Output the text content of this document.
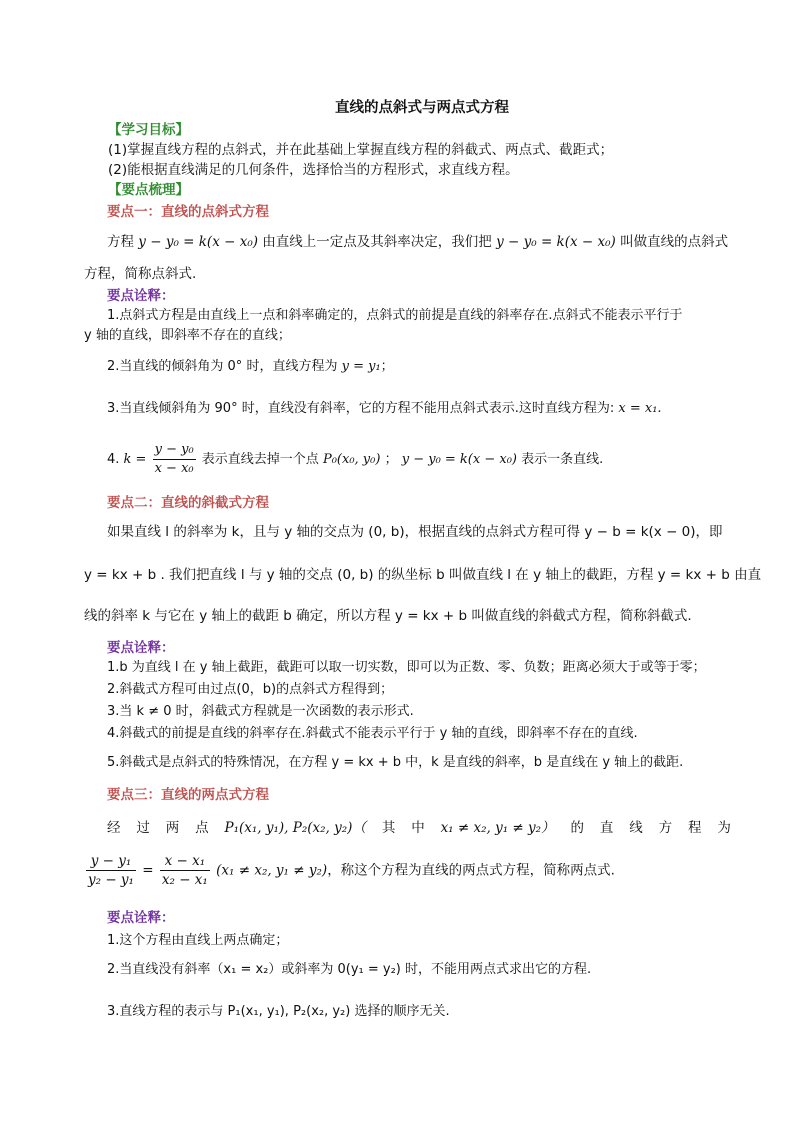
直线的点斜式与两点式方程
【学习目标】
(1)掌握直线方程的点斜式，并在此基础上掌握直线方程的斜截式、两点式、截距式；
(2)能根据直线满足的几何条件，选择恰当的方程形式，求直线方程。
【要点梳理】
要点一：直线的点斜式方程
方程 y − y₀ = k(x − x₀) 由直线上一定点及其斜率决定，我们把 y − y₀ = k(x − x₀) 叫做直线的点斜式
方程，简称点斜式.
要点诠释：
1.点斜式方程是由直线上一点和斜率确定的，点斜式的前提是直线的斜率存在.点斜式不能表示平行于
y 轴的直线，即斜率不存在的直线；
2.当直线的倾斜角为 0° 时，直线方程为 y = y₁；
3.当直线倾斜角为 90° 时，直线没有斜率，它的方程不能用点斜式表示.这时直线方程为: x = x₁.
4. $k = \frac{\text{y − y₀}}{\text{x − x₀}}$ 表示直线去掉一个点 P₀(x₀, y₀) ； y − y₀ = k(x − x₀) 表示一条直线.
要点二：直线的斜截式方程
如果直线 l 的斜率为 k，且与 y 轴的交点为 (0, b)，根据直线的点斜式方程可得 y − b = k(x − 0)，即
y = kx + b . 我们把直线 l 与 y 轴的交点 (0, b) 的纵坐标 b 叫做直线 l 在 y 轴上的截距，方程 y = kx + b 由直
线的斜率 k 与它在 y 轴上的截距 b 确定，所以方程 y = kx + b 叫做直线的斜截式方程，简称斜截式.
要点诠释：
1.b 为直线 l 在 y 轴上截距，截距可以取一切实数，即可以为正数、零、负数；距离必须大于或等于零；
2.斜截式方程可由过点(0，b)的点斜式方程得到；
3.当 k ≠ 0 时，斜截式方程就是一次函数的表示形式.
4.斜截式的前提是直线的斜率存在.斜截式不能表示平行于 y 轴的直线，即斜率不存在的直线.
5.斜截式是点斜式的特殊情况，在方程 y = kx + b 中，k 是直线的斜率，b 是直线在 y 轴上的截距.
要点三：直线的两点式方程
经 过 两 点 P₁(x₁, y₁), P₂(x₂, y₂)（ 其 中 x₁ ≠ x₂, y₁ ≠ y₂） 的 直 线 方 程 为
$\frac{\text{y − y₁}}{\text{y₂ − y₁}} = \frac{\text{x − x₁}}{\text{x₂ − x₁}} (x_1 \ne x_2$, y₁ ≠ y₂)，称这个方程为直线的两点式方程，简称两点式.
要点诠释：
1.这个方程由直线上两点确定；
2.当直线没有斜率（x₁ = x₂）或斜率为 0(y₁ = y₂) 时，不能用两点式求出它的方程.
3.直线方程的表示与 P₁(x₁, y₁), P₂(x₂, y₂) 选择的顺序无关.
